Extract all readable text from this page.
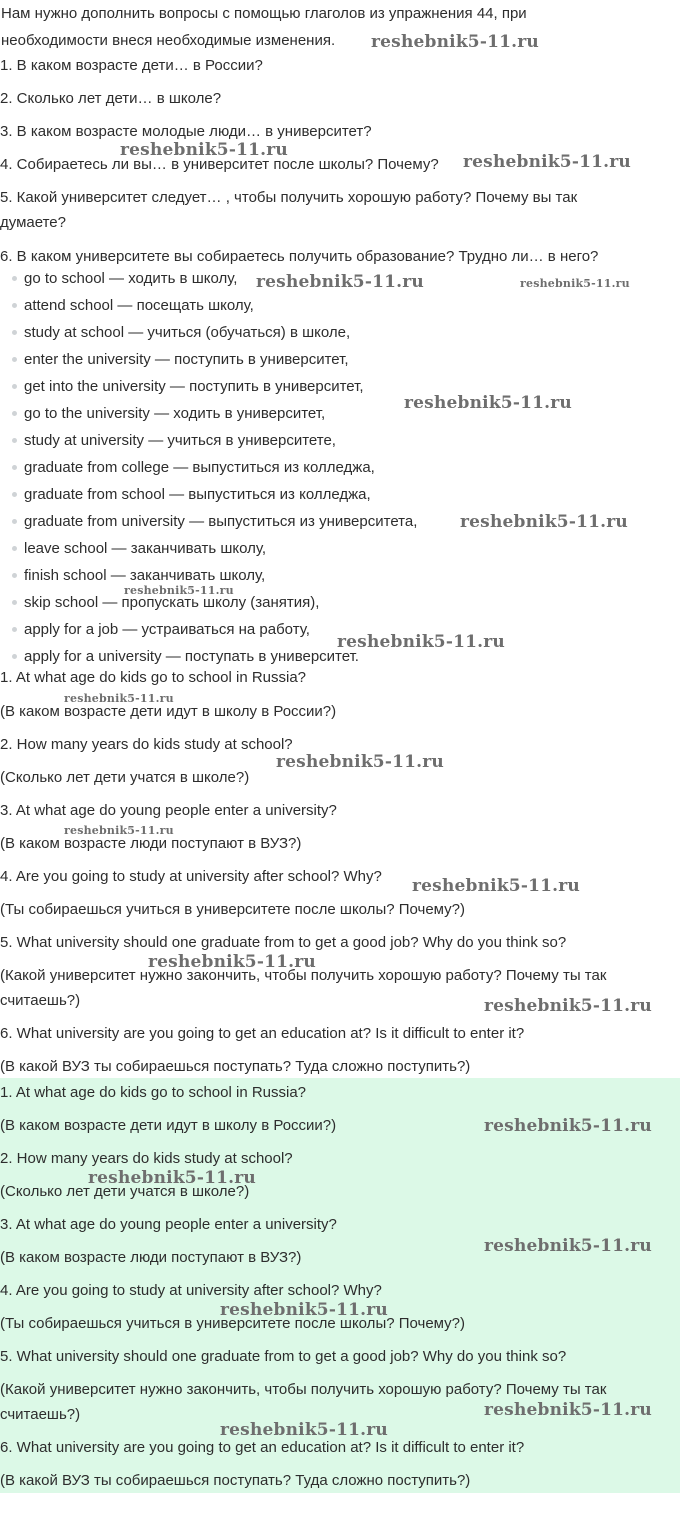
Нам нужно дополнить вопросы с помощью глаголов из упражнения 44, при
необходимости внеся необходимые изменения.
1. В каком возрасте дети… в России?
2. Сколько лет дети… в школе?
3. В каком возрасте молодые люди… в университет?
4. Собираетесь ли вы… в университет после школы? Почему?
5. Какой университет следует… , чтобы получить хорошую работу? Почему вы так
думаете?
6. В каком университете вы собираетесь получить образование? Трудно ли… в него?
go to school — ходить в школу,
attend school — посещать школу,
study at school — учиться (обучаться) в школе,
enter the university — поступить в университет,
get into the university — поступить в университет,
go to the university — ходить в университет,
study at university — учиться в университете,
graduate from college — выпуститься из колледжа,
graduate from school — выпуститься из колледжа,
graduate from university — выпуститься из университета,
leave school — заканчивать школу,
finish school — заканчивать школу,
skip school — пропускать школу (занятия),
apply for a job — устраиваться на работу,
apply for a university — поступать в университет.
1. At what age do kids go to school in Russia?
(В каком возрасте дети идут в школу в России?)
2. How many years do kids study at school?
(Сколько лет дети учатся в школе?)
3. At what age do young people enter a university?
(В каком возрасте люди поступают в ВУЗ?)
4. Are you going to study at university after school? Why?
(Ты собираешься учиться в университете после школы? Почему?)
5. What university should one graduate from to get a good job? Why do you think so?
(Какой университет нужно закончить, чтобы получить хорошую работу? Почему ты так
считаешь?)
6. What university are you going to get an education at? Is it difficult to enter it?
(В какой ВУЗ ты собираешься поступать? Туда сложно поступить?)
1. At what age do kids go to school in Russia?
(В каком возрасте дети идут в школу в России?)
2. How many years do kids study at school?
(Сколько лет дети учатся в школе?)
3. At what age do young people enter a university?
(В каком возрасте люди поступают в ВУЗ?)
4. Are you going to study at university after school? Why?
(Ты собираешься учиться в университете после школы? Почему?)
5. What university should one graduate from to get a good job? Why do you think so?
(Какой университет нужно закончить, чтобы получить хорошую работу? Почему ты так
считаешь?)
6. What university are you going to get an education at? Is it difficult to enter it?
(В какой ВУЗ ты собираешься поступать? Туда сложно поступить?)
reshebnik5-11.ru
reshebnik5-11.ru
reshebnik5-11.ru
reshebnik5-11.ru	reshebnik5-11.ru
reshebnik5-11.ru
reshebnik5-11.ru
reshebnik5-11.ru
reshebnik5-11.ru
reshebnik5-11.ru
reshebnik5-11.ru
reshebnik5-11.ru
reshebnik5-11.ru
reshebnik5-11.ru
reshebnik5-11.ru
reshebnik5-11.ru
reshebnik5-11.ru
reshebnik5-11.ru
reshebnik5-11.ru
reshebnik5-11.ru
reshebnik5-11.ru
